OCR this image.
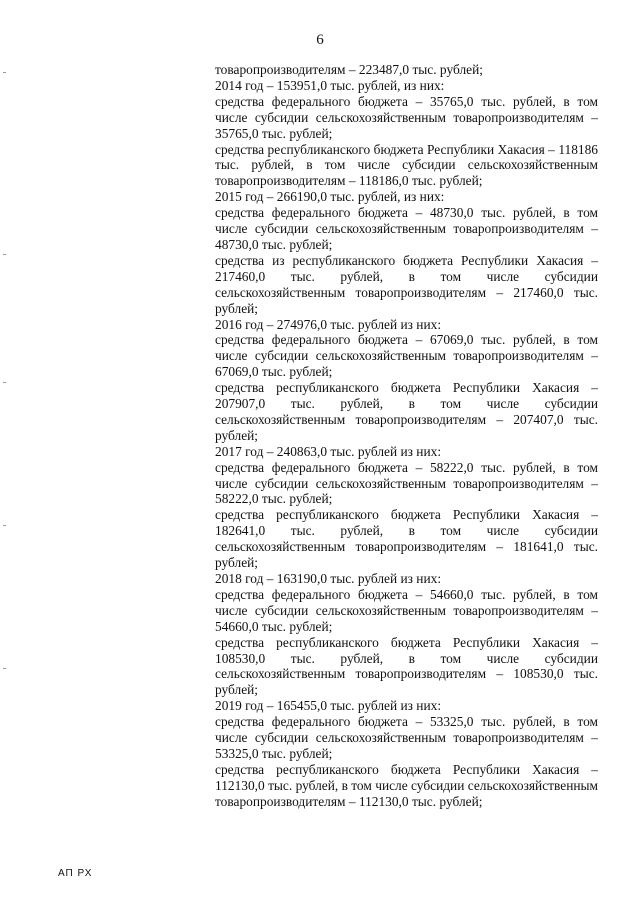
6

товаропроизводителям – 223487,0 тыс. рублей;

2014 год – 153951,0 тыс. рублей, из них:

средства федерального бюджета – 35765,0 тыс. рублей, в том числе субсидии сельскохозяйственным товаропроизводителям – 35765,0 тыс. рублей;

средства республиканского бюджета Республики Хакасия – 118186 тыс. рублей, в том числе субсидии сельскохозяйственным товаропроизводителям – 118186,0 тыс. рублей;

2015 год – 266190,0 тыс. рублей, из них:

средства федерального бюджета – 48730,0 тыс. рублей, в том числе субсидии сельскохозяйственным товаропроизводителям – 48730,0 тыс. рублей;

средства из республиканского бюджета Республики Хакасия – 217460,0 тыс. рублей, в том числе субсидии сельскохозяйственным товаропроизводителям – 217460,0 тыс. рублей;

2016 год – 274976,0 тыс. рублей из них:

средства федерального бюджета – 67069,0 тыс. рублей, в том числе субсидии сельскохозяйственным товаропроизводителям – 67069,0 тыс. рублей;

средства республиканского бюджета Республики Хакасия – 207907,0 тыс. рублей, в том числе субсидии сельскохозяйственным товаропроизводителям – 207407,0 тыс. рублей;

2017 год – 240863,0 тыс. рублей из них:

средства федерального бюджета – 58222,0 тыс. рублей, в том числе субсидии сельскохозяйственным товаропроизводителям – 58222,0 тыс. рублей;

средства республиканского бюджета Республики Хакасия – 182641,0 тыс. рублей, в том числе субсидии сельскохозяйственным товаропроизводителям – 181641,0 тыс. рублей;

2018 год – 163190,0 тыс. рублей из них:

средства федерального бюджета – 54660,0 тыс. рублей, в том числе субсидии сельскохозяйственным товаропроизводителям – 54660,0 тыс. рублей;

средства республиканского бюджета Республики Хакасия – 108530,0 тыс. рублей, в том числе субсидии сельскохозяйственным товаропроизводителям – 108530,0 тыс. рублей;

2019 год – 165455,0 тыс. рублей из них:

средства федерального бюджета – 53325,0 тыс. рублей, в том числе субсидии сельскохозяйственным товаропроизводителям – 53325,0 тыс. рублей;

средства республиканского бюджета Республики Хакасия – 112130,0 тыс. рублей, в том числе субсидии сельскохозяйственным товаропроизводителям – 112130,0 тыс. рублей;

АП РХ
